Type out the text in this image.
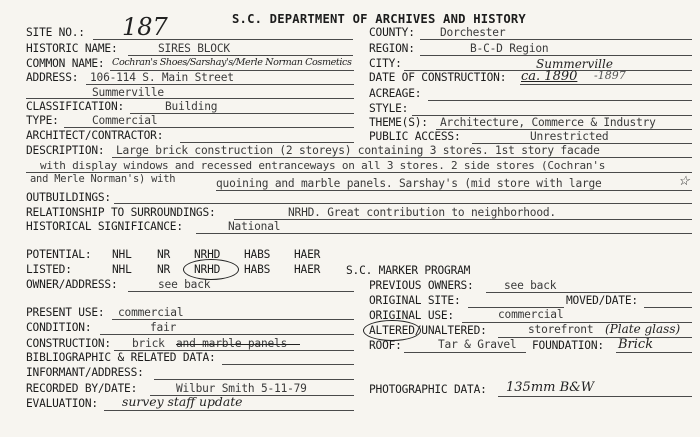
S.C. DEPARTMENT OF ARCHIVES AND HISTORY
SITE NO.: 187
HISTORIC NAME:	SIRES BLOCK
COMMON NAME: Cochran's Shoes/Sarshay's/Merle Norman Cosmetics
ADDRESS: 106-114 S. Main Street
Summerville
CLASSIFICATION:	Building
TYPE:	Commercial
ARCHITECT/CONTRACTOR:
COUNTY: Dorchester
REGION:	B-C-D Region
CITY:	Summerville
DATE OF CONSTRUCTION: ca. 1890 -1897
ACREAGE:
STYLE:
THEME(S): Architecture, Commerce & Industry
PUBLIC ACCESS:	Unrestricted
DESCRIPTION: Large brick construction (2 storeys) containing 3 stores. 1st story facade
with display windows and recessed entranceways on all 3 stores. 2 side stores (Cochran's
and Merle Norman's) with	quoining and marble panels. Sarshay's (mid store with large	☆
OUTBUILDINGS:
RELATIONSHIP TO SURROUNDINGS:	NRHD. Great contribution to neighborhood.
HISTORICAL SIGNIFICANCE:	National
POTENTIAL: NHL NR NRHD HABS HAER
LISTED:	NHL NR NRHD HABS HAER S.C. MARKER PROGRAM
OWNER/ADDRESS:	see back	PREVIOUS OWNERS:	see back
ORIGINAL SITE:	MOVED/DATE:
PRESENT USE: commercial	ORIGINAL USE:	commercial
CONDITION:	fair	ALTERED/UNALTERED:	storefront (Plate glass)
CONSTRUCTION: brick and marble panels	ROOF:	Tar & Gravel FOUNDATION: Brick
BIBLIOGRAPHIC & RELATED DATA:
INFORMANT/ADDRESS:
RECORDED BY/DATE:	Wilbur Smith 5-11-79	PHOTOGRAPHIC DATA: 135mm B&W
EVALUATION: survey staff update
